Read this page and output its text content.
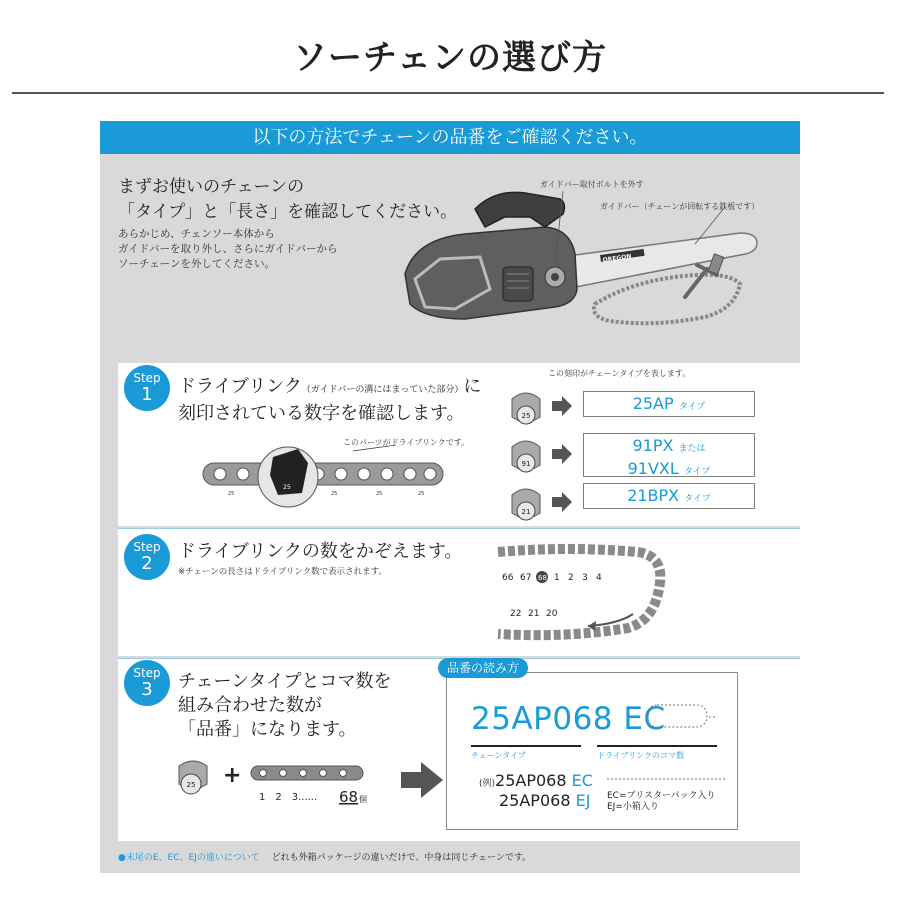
ソーチェンの選び方
以下の方法でチェーンの品番をご確認ください。
まずお使いのチェーンの
「タイプ」と「長さ」を確認してください。
あらかじめ、チェンソー本体から
ガイドバーを取り外し、さらにガイドバーから
ソーチェーンを外してください。	OREGON
ガイドバー取付ボルトを外す
ガイドバー（チェーンが回転する鉄板です）
Step
1	ドライブリンク（ガイドバーの溝にはまっていた部分）に
刻印されている数字を確認します。
このパーツがドライブリンクです。
25
25	25	25	25
この刻印がチェーンタイプを表します。
25
25AP タイプ
91
91PX または
91VXL タイプ
21
21BPX タイプ
Step
2
ドライブリンクの数をかぞえます。
※チェーンの長さはドライブリンク数で表示されます。
66 67 68 1 2 3 4
22 21 20
Step
3	チェーンタイプとコマ数を
組み合わせた数が
「品番」になります。
25 +
1　2　3...... 68 個
25AP068 EC
チェーンタイプ	ドライブリンクのコマ数
(例)25AP068 EC
25AP068 EJ EC=ブリスターパック入り
EJ=小箱入り
品番の読み方
●末尾のE、EC、EJの違いについて どれも外箱パッケージの違いだけで、中身は同じチェーンです。
